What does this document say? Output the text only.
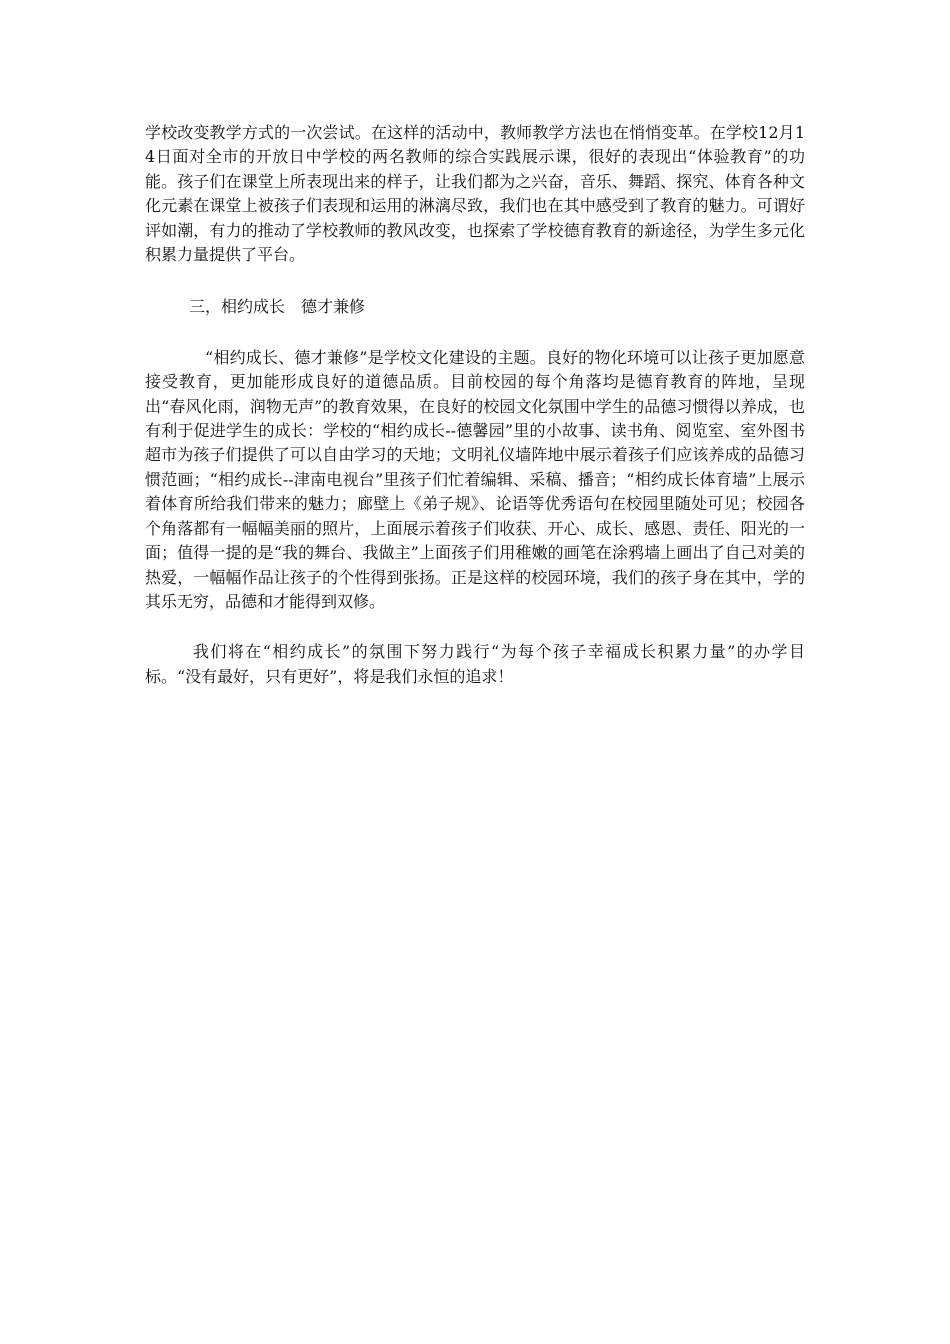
学校改变教学方式的一次尝试。在这样的活动中，教师教学方法也在悄悄变革。在学校12月14日面对全市的开放日中学校的两名教师的综合实践展示课，很好的表现出“体验教育”的功能。孩子们在课堂上所表现出来的样子，让我们都为之兴奋，音乐、舞蹈、探究、体育各种文化元素在课堂上被孩子们表现和运用的淋漓尽致，我们也在其中感受到了教育的魅力。可谓好评如潮，有力的推动了学校教师的教风改变，也探索了学校德育教育的新途径，为学生多元化积累力量提供了平台。

三，相约成长　德才兼修

“相约成长、德才兼修”是学校文化建设的主题。良好的物化环境可以让孩子更加愿意接受教育，更加能形成良好的道德品质。目前校园的每个角落均是德育教育的阵地，呈现出“春风化雨，润物无声”的教育效果，在良好的校园文化氛围中学生的品德习惯得以养成，也有利于促进学生的成长：学校的“相约成长--德馨园”里的小故事、读书角、阅览室、室外图书超市为孩子们提供了可以自由学习的天地；文明礼仪墙阵地中展示着孩子们应该养成的品德习惯范画；“相约成长--津南电视台”里孩子们忙着编辑、采稿、播音；“相约成长体育墙”上展示着体育所给我们带来的魅力；廊壁上《弟子规》、论语等优秀语句在校园里随处可见；校园各个角落都有一幅幅美丽的照片，上面展示着孩子们收获、开心、成长、感恩、责任、阳光的一面；值得一提的是“我的舞台、我做主”上面孩子们用稚嫩的画笔在涂鸦墙上画出了自己对美的热爱，一幅幅作品让孩子的个性得到张扬。正是这样的校园环境，我们的孩子身在其中，学的其乐无穷，品德和才能得到双修。

我们将在“相约成长”的氛围下努力践行“为每个孩子幸福成长积累力量”的办学目标。“没有最好，只有更好”，将是我们永恒的追求！
